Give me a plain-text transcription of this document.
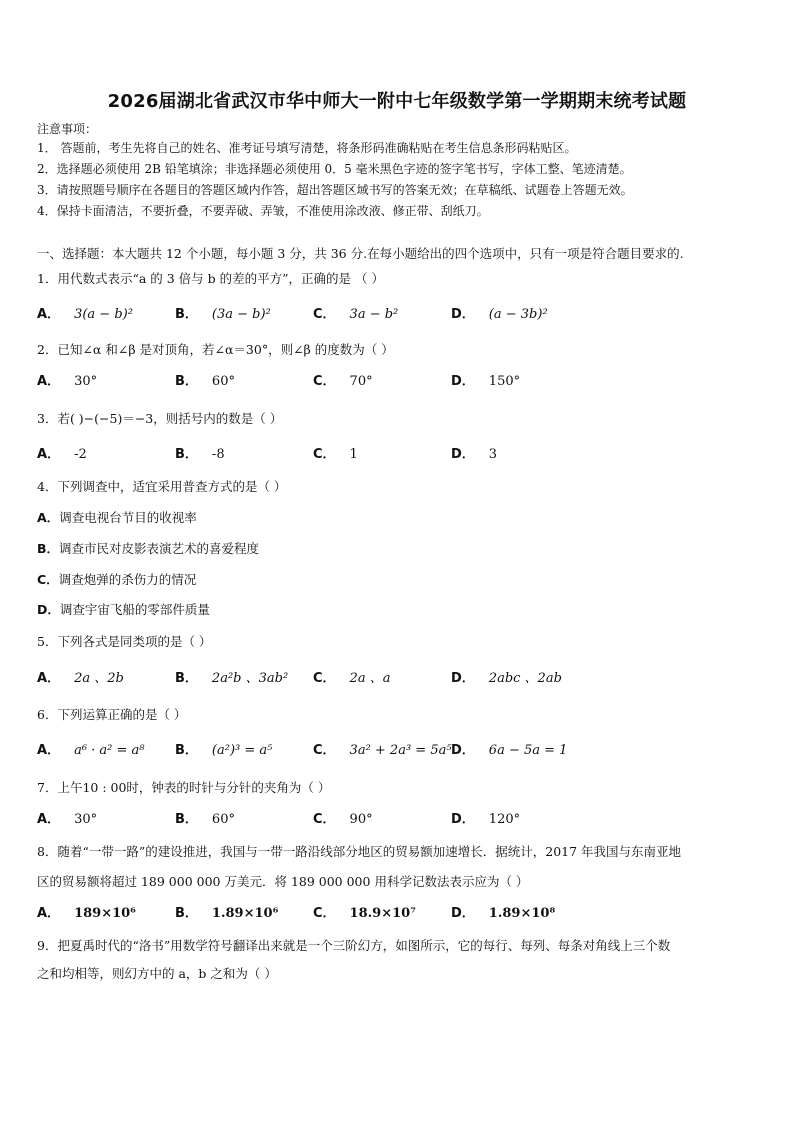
2026届湖北省武汉市华中师大一附中七年级数学第一学期期末统考试题
注意事项：
1． 答题前，考生先将自己的姓名、准考证号填写清楚，将条形码准确粘贴在考生信息条形码粘贴区。
2．选择题必须使用 2B 铅笔填涂；非选择题必须使用 0．5 毫米黑色字迹的签字笔书写，字体工整、笔迹清楚。
3．请按照题号顺序在各题目的答题区域内作答，超出答题区域书写的答案无效；在草稿纸、试题卷上答题无效。
4．保持卡面清洁，不要折叠，不要弄破、弄皱，不准使用涂改液、修正带、刮纸刀。
一、选择题：本大题共 12 个小题，每小题 3 分，共 36 分.在每小题给出的四个选项中，只有一项是符合题目要求的.
1．用代数式表示“a 的 3 倍与 b 的差的平方”，正确的是 （ ）
A． 3(a − b)²	B． (3a − b)²	C． 3a − b²	D． (a − 3b)²
2．已知∠α 和∠β 是对顶角，若∠α＝30°，则∠β 的度数为（ ）
A． 30°	B． 60°	C． 70°	D． 150°
3．若( )−(−5)＝−3，则括号内的数是（ ）
A． -2	B． -8	C． 1	D． 3
4．下列调查中，适宜采用普查方式的是（ ）
A．调查电视台节目的收视率
B．调查市民对皮影表演艺术的喜爱程度
C．调查炮弹的杀伤力的情况
D．调查宇宙飞船的零部件质量
5．下列各式是同类项的是（ ）
A． 2a 、2b	B． 2a²b 、3ab² C． 2a 、a	D． 2abc 、2ab
6．下列运算正确的是（ ）
A． a⁶ · a² = a⁸ B． (a²)³ = a⁵	C． 3a² + 2a³ = 5a⁵ D． 6a − 5a = 1
7．上午10 : 00时，钟表的时针与分针的夹角为（ ）
A． 30°	B． 60°	C． 90°	D． 120°
8．随着“一带一路”的建设推进，我国与一带一路沿线部分地区的贸易额加速增长．据统计，2017 年我国与东南亚地
区的贸易额将超过 189 000 000 万美元．将 189 000 000 用科学记数法表示应为（ ）
A． 189×10⁶	B． 1.89×10⁶	C． 18.9×10⁷	D． 1.89×10⁸
9．把夏禹时代的“洛书”用数学符号翻译出来就是一个三阶幻方，如图所示，它的每行、每列、每条对角线上三个数
之和均相等，则幻方中的 a，b 之和为（ ）
